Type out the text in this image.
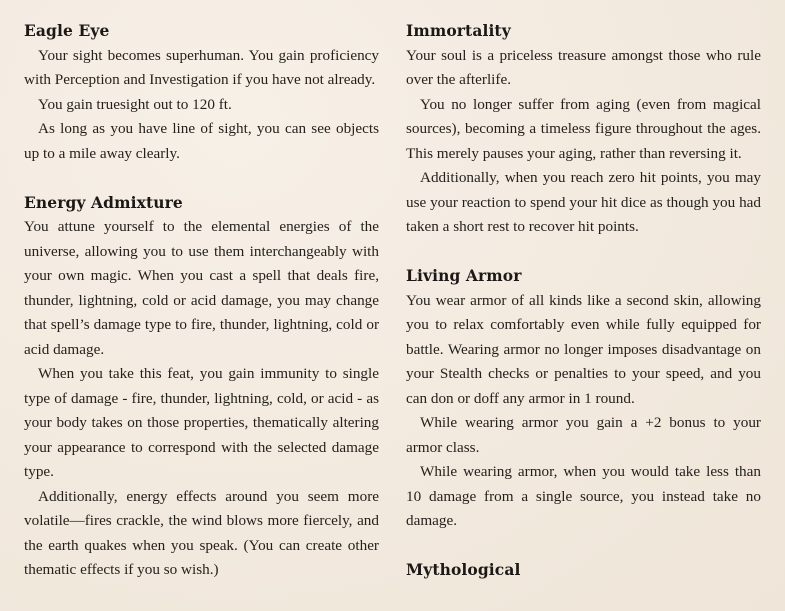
Eagle Eye

Your sight becomes superhuman. You gain proficiency with Perception and Investigation if you have not already.

You gain truesight out to 120 ft.

As long as you have line of sight, you can see objects up to a mile away clearly.

Energy Admixture

You attune yourself to the elemental energies of the universe, allowing you to use them interchangeably with your own magic. When you cast a spell that deals fire, thunder, lightning, cold or acid damage, you may change that spell’s damage type to fire, thunder, lightning, cold or acid damage.

When you take this feat, you gain immunity to single type of damage - fire, thunder, lightning, cold, or acid - as your body takes on those properties, thematically altering your appearance to correspond with the selected damage type.

Additionally, energy effects around you seem more volatile—fires crackle, the wind blows more fiercely, and the earth quakes when you speak. (You can create other thematic effects if you so wish.)

Immortality

Your soul is a priceless treasure amongst those who rule over the afterlife.

You no longer suffer from aging (even from magical sources), becoming a timeless figure throughout the ages. This merely pauses your aging, rather than reversing it.

Additionally, when you reach zero hit points, you may use your reaction to spend your hit dice as though you had taken a short rest to recover hit points.

Living Armor

You wear armor of all kinds like a second skin, allowing you to relax comfortably even while fully equipped for battle. Wearing armor no longer imposes disadvantage on your Stealth checks or penalties to your speed, and you can don or doff any armor in 1 round.

While wearing armor you gain a +2 bonus to your armor class.

While wearing armor, when you would take less than 10 damage from a single source, you instead take no damage.

Mythological
